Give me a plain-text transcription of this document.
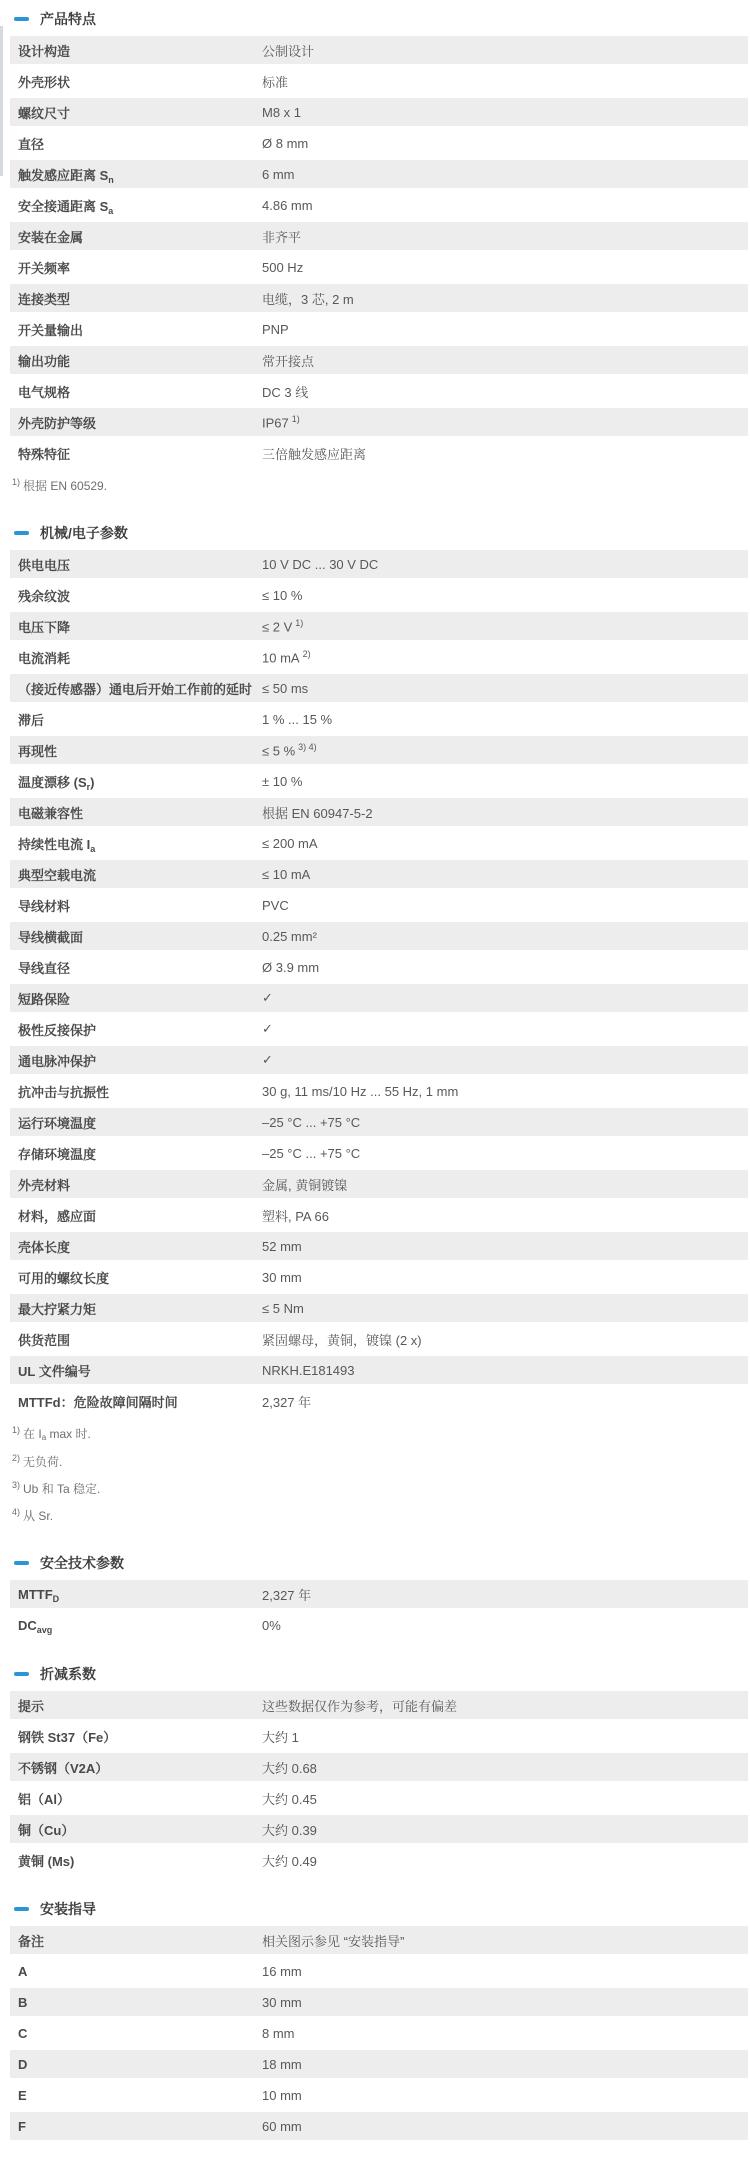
产品特点
设计构造	公制设计
外壳形状	标准
螺纹尺寸	M8 x 1
直径	Ø 8 mm
触发感应距离 $S_n$	6 mm
安全接通距离 $S_a$	4.86 mm
安装在金属	非齐平
开关频率	500 Hz
连接类型	电缆，3 芯, 2 m
开关量输出	PNP
输出功能	常开接点
电气规格	DC 3 线
外壳防护等级	IP67 $^{1)}$
特殊特征	三倍触发感应距离
$^{1)}$ 根据 EN 60529.
机械/电子参数
供电电压	10 V DC ... 30 V DC
残余纹波	≤ 10 %
电压下降	≤ 2 V $^{1)}$
电流消耗	10 mA $^{2)}$
（接近传感器）通电后开始工作前的延时 ≤ 50 ms
滞后	1 % ... 15 %
再现性	≤ 5 % $^{3) 4)}$
温度漂移 $(S_r)$	± 10 %
电磁兼容性	根据 EN 60947-5-2
持续性电流 $I_a$	≤ 200 mA
典型空载电流	≤ 10 mA
导线材料	PVC
导线横截面	0.25 mm²
导线直径	Ø 3.9 mm
短路保险	✓
极性反接保护	✓
通电脉冲保护	✓
抗冲击与抗振性	30 g, 11 ms/10 Hz ... 55 Hz, 1 mm
运行环境温度	–25 °C ... +75 °C
存储环境温度	–25 °C ... +75 °C
外壳材料	金属, 黄铜镀镍
材料，感应面	塑料, PA 66
壳体长度	52 mm
可用的螺纹长度	30 mm
最大拧紧力矩	≤ 5 Nm
供货范围	紧固螺母，黄铜，镀镍 (2 x)
UL 文件编号	NRKH.E181493
MTTFd：危险故障间隔时间	2,327 年
$^{1)}$ 在 Ia max 时.
$^{2)}$ 无负荷.
$^{3)}$ Ub 和 Ta 稳定.
$^{4)}$ 从 Sr.
安全技术参数
$MTTF_D$	2,327 年
$DC_{avg}$	0%
折减系数
提示	这些数据仅作为参考，可能有偏差
钢铁 St37（Fe）	大约 1
不锈钢（V2A）	大约 0.68
铝（Al）	大约 0.45
铜（Cu）	大约 0.39
黄铜 (Ms)	大约 0.49
安装指导
备注	相关图示参见 “安装指导”
A	16 mm
B	30 mm
C	8 mm
D	18 mm
E	10 mm
F	60 mm
